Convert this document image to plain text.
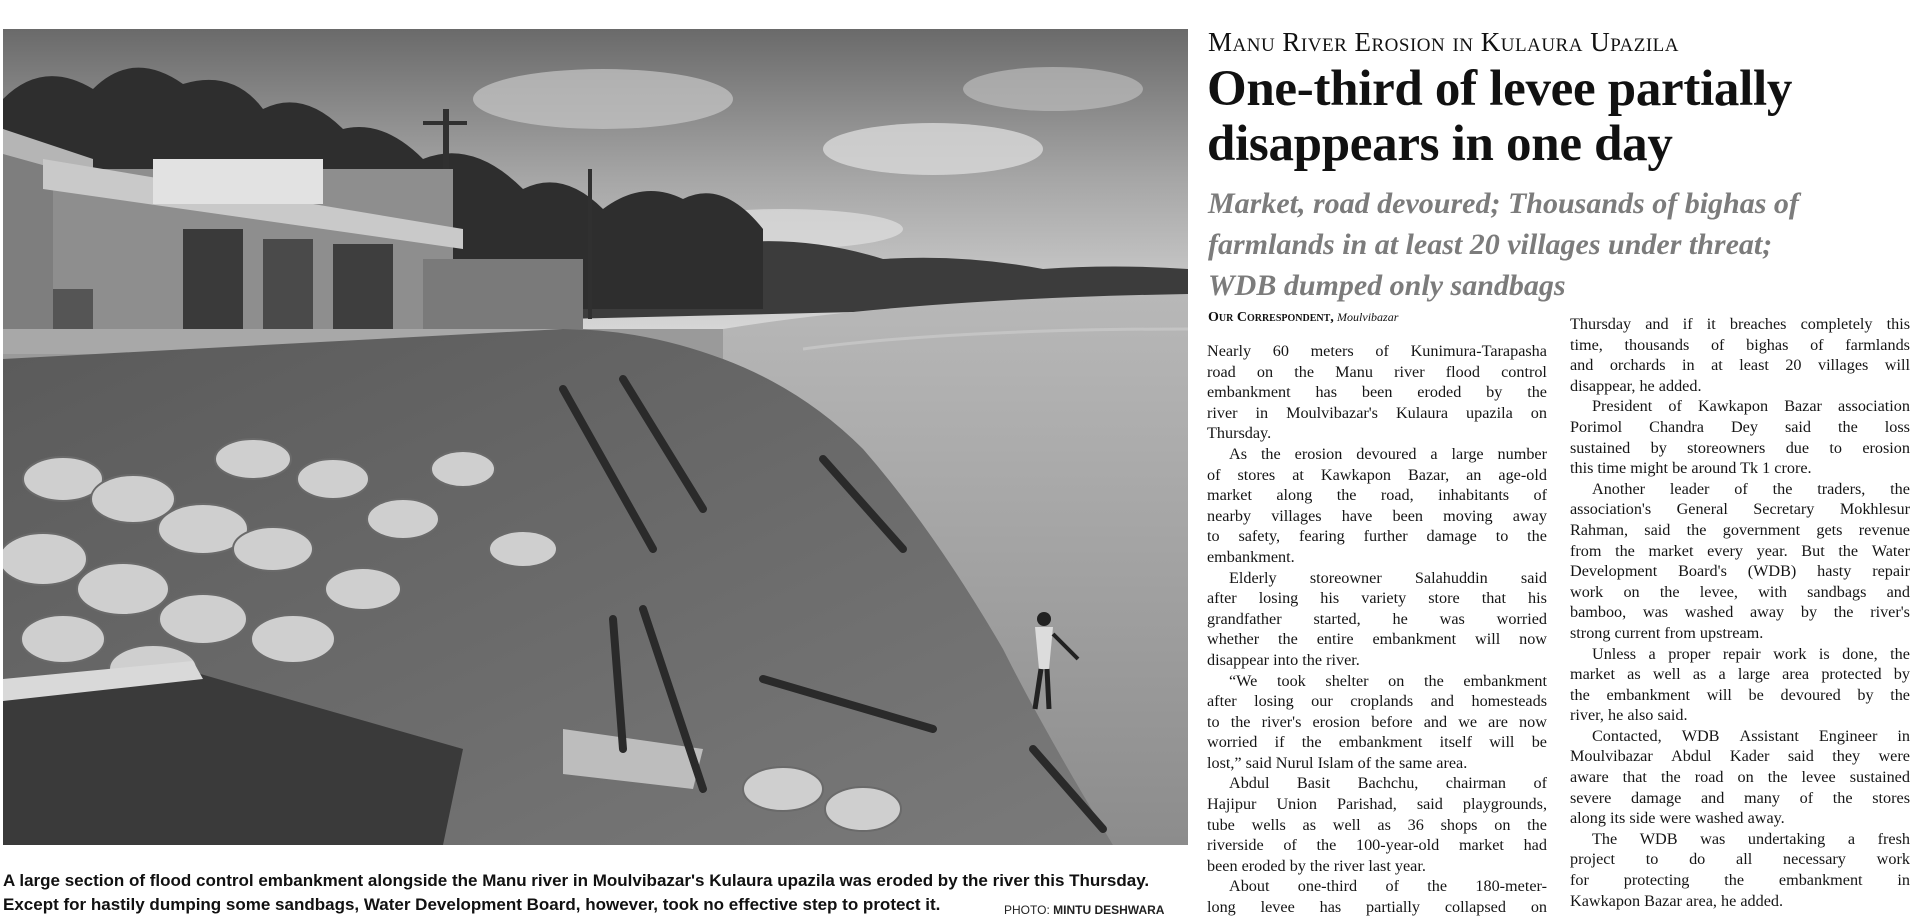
A large section of flood control embankment alongside the Manu river in Moulvibazar's Kulaura upazila was eroded by the river this Thursday.

Except for hastily dumping some sandbags, Water Development Board, however, took no effective step to protect it.	PHOTO: MINTU DESHWARA
Manu River Erosion in Kulaura Upazila
One-third of levee partially
disappears in one day
Market, road devoured; Thousands of bighas of
farmlands in at least 20 villages under threat;
WDB dumped only sandbags
Our Correspondent, Moulvibazar
Nearly 60 meters of Kunimura-Tarapasha
road on the Manu river flood control
embankment has been eroded by the
river in Moulvibazar's Kulaura upazila on
Thursday.
As the erosion devoured a large number
of stores at Kawkapon Bazar, an age-old
market along the road, inhabitants of
nearby villages have been moving away
to safety, fearing further damage to the
embankment.
Elderly storeowner Salahuddin said
after losing his variety store that his
grandfather started, he was worried
whether the entire embankment will now
disappear into the river.
“We took shelter on the embankment
after losing our croplands and homesteads
to the river's erosion before and we are now
worried if the embankment itself will be
lost,” said Nurul Islam of the same area.
Abdul Basit Bachchu, chairman of
Hajipur Union Parishad, said playgrounds,
tube wells as well as 36 shops on the
riverside of the 100-year-old market had
been eroded by the river last year.
About one-third of the 180-meter-
long levee has partially collapsed on
Thursday and if it breaches completely this
time, thousands of bighas of farmlands
and orchards in at least 20 villages will
disappear, he added.
President of Kawkapon Bazar association
Porimol Chandra Dey said the loss
sustained by storeowners due to erosion
this time might be around Tk 1 crore.
Another leader of the traders, the
association's General Secretary Mokhlesur
Rahman, said the government gets revenue
from the market every year. But the Water
Development Board's (WDB) hasty repair
work on the levee, with sandbags and
bamboo, was washed away by the river's
strong current from upstream.
Unless a proper repair work is done, the
market as well as a large area protected by
the embankment will be devoured by the
river, he also said.
Contacted, WDB Assistant Engineer in
Moulvibazar Abdul Kader said they were
aware that the road on the levee sustained
severe damage and many of the stores
along its side were washed away.
The WDB was undertaking a fresh
project to do all necessary work
for protecting the embankment in
Kawkapon Bazar area, he added.
